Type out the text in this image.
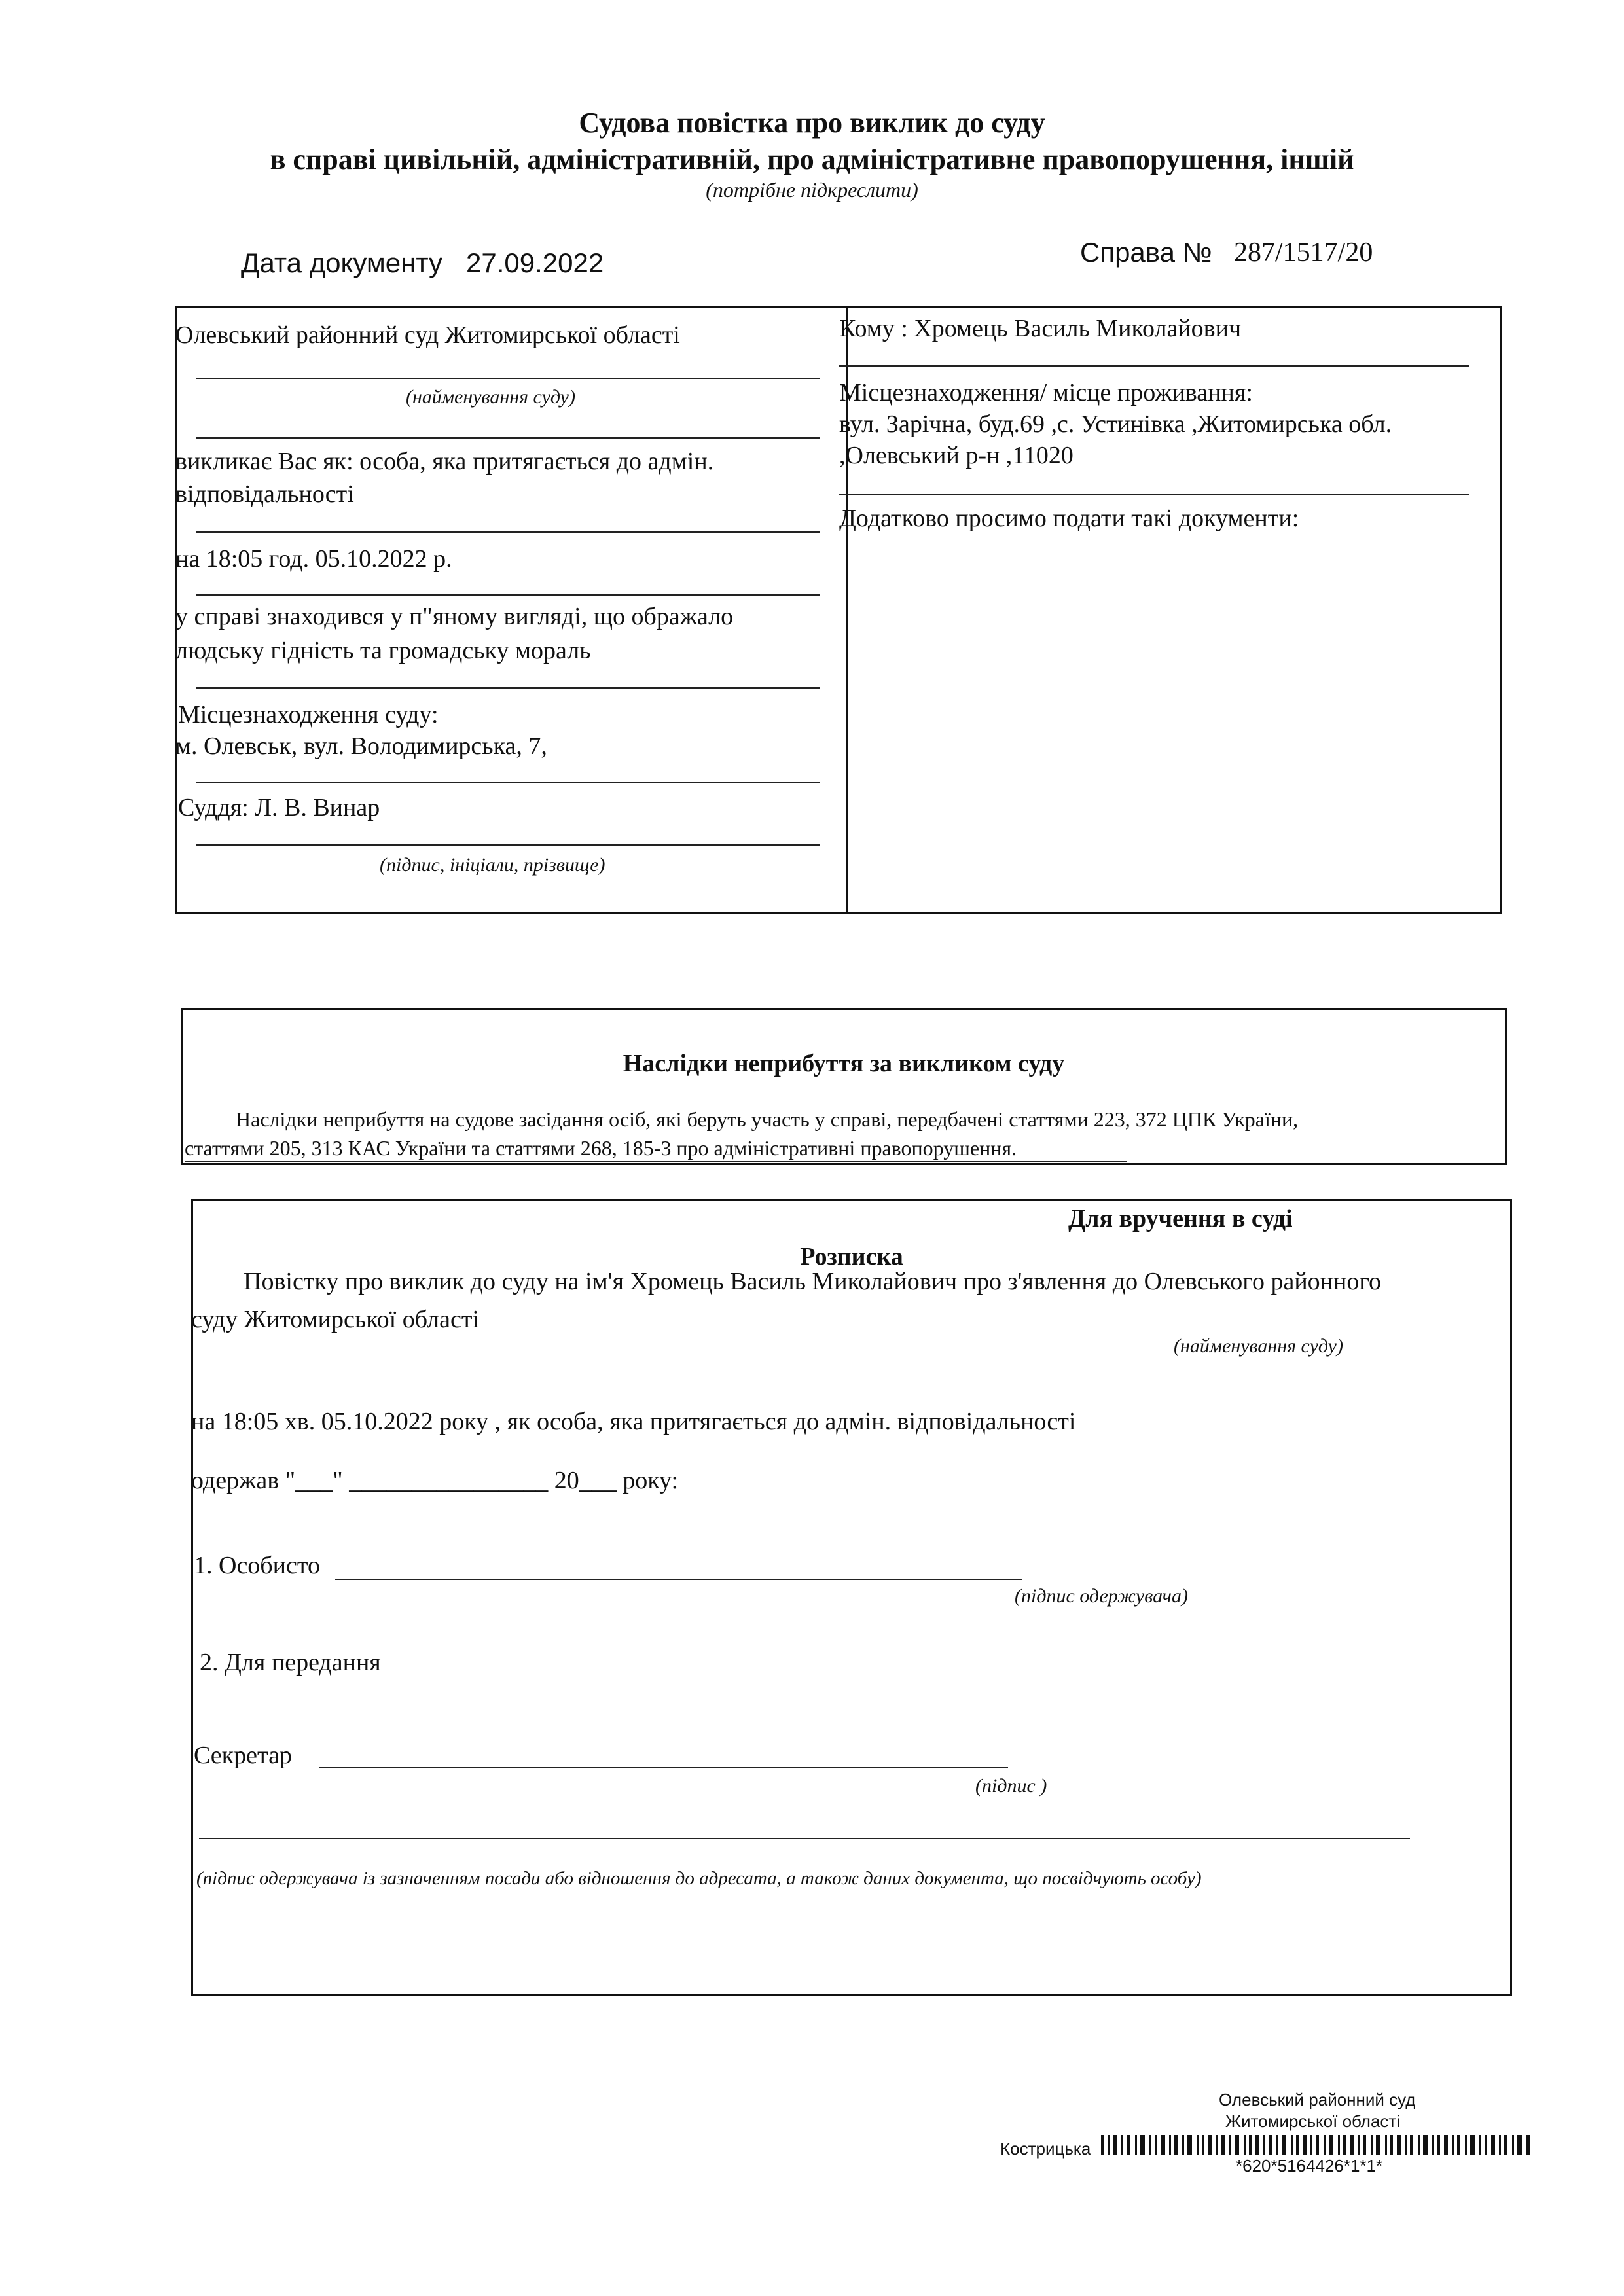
Судова повістка про виклик до суду
в справі цивільній, адміністративній, про адміністративне правопорушення, іншій
(потрібне підкреслити)
Дата документу 27.09.2022	Справа № 287/1517/20
Олевський районний суд Житомирської області
(найменування суду)
викликає Вас як: особа, яка притягається до адмін.
відповідальності
на 18:05 год. 05.10.2022 р.
у справі знаходився у п"яному вигляді, що ображало
людську гідність та громадську мораль
Місцезнаходження суду:
м. Олевськ, вул. Володимирська, 7,
Суддя: Л. В. Винар
(підпис, ініціали, прізвище)
Кому : Хромець Василь Миколайович
Місцезнаходження/ місце проживання:
вул. Зарічна, буд.69 ,с. Устинівка ,Житомирська обл.
,Олевський р-н ,11020
Додатково просимо подати такі документи:
Наслідки неприбуття за викликом суду
Наслідки неприбуття на судове засідання осіб, які беруть участь у справі, передбачені статтями 223, 372 ЦПК України,
статтями 205, 313 КАС України та статтями 268, 185-3 про адміністративні правопорушення.
Для вручення в суді
Розписка
Повістку про виклик до суду на ім'я Хромець Василь Миколайович про з'явлення до Олевського районного
суду Житомирської області
(найменування суду)
на 18:05 хв. 05.10.2022 року , як особа, яка притягається до адмін. відповідальності
одержав "___" ________________ 20___ року:
1. Особисто
(підпис одержувача)
2. Для передання
Секретар
(підпис )
(підпис одержувача із зазначенням посади або відношення до адресата, а також даних документа, що посвідчують особу)
Олевський районний суд
Житомирської області
Кострицька
*620*5164426*1*1*
